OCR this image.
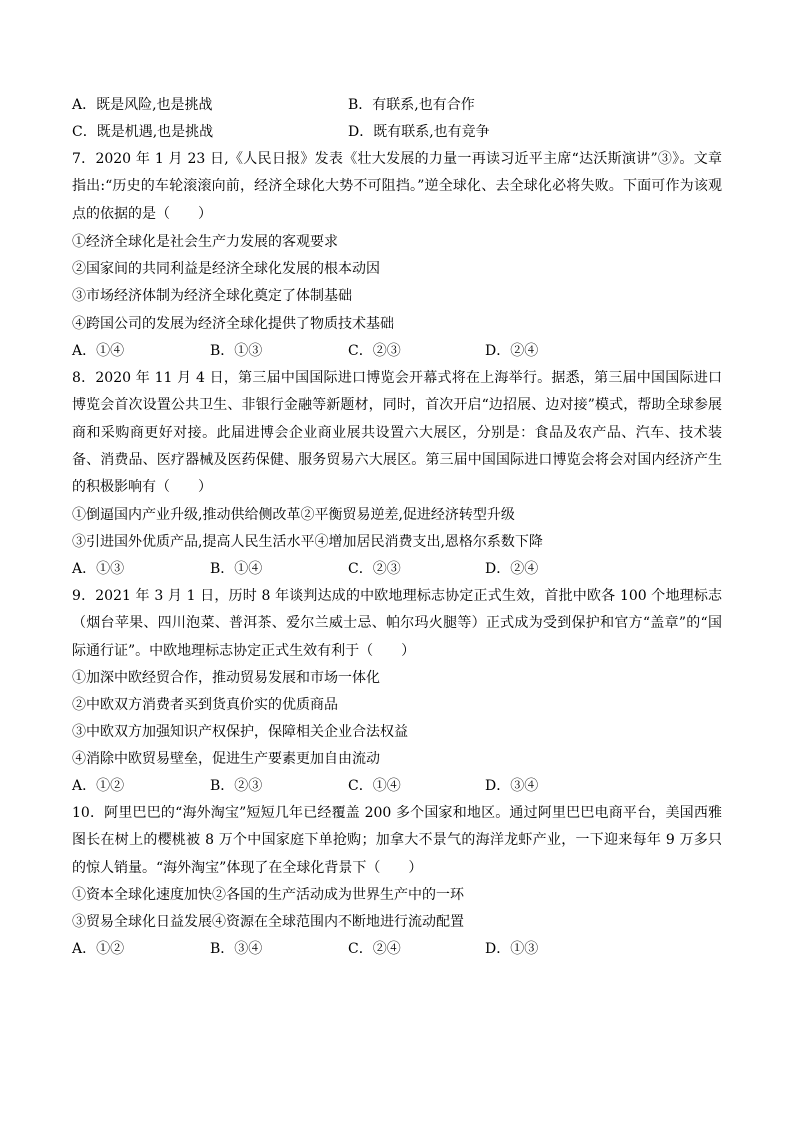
A．既是风险,也是挑战	B．有联系,也有合作
C．既是机遇,也是挑战	D．既有联系,也有竞争
7．2020 年 1 月 23 日,《人民日报》发表《壮大发展的力量一再读习近平主席“达沃斯演讲”③》。文章指出:“历史的车轮滚滚向前，经济全球化大势不可阻挡。”逆全球化、去全球化必将失败。下面可作为该观点的依据的是（　　）
①经济全球化是社会生产力发展的客观要求
②国家间的共同利益是经济全球化发展的根本动因
③市场经济体制为经济全球化奠定了体制基础
④跨国公司的发展为经济全球化提供了物质技术基础
A．①④	B．①③	C．②③	D．②④
8．2020 年 11 月 4 日，第三届中国国际进口博览会开幕式将在上海举行。据悉，第三届中国国际进口博览会首次设置公共卫生、非银行金融等新题材，同时，首次开启“边招展、边对接”模式，帮助全球参展商和采购商更好对接。此届进博会企业商业展共设置六大展区，分别是：食品及农产品、汽车、技术装备、消费品、医疗器械及医药保健、服务贸易六大展区。第三届中国国际进口博览会将会对国内经济产生的积极影响有（　　）
①倒逼国内产业升级,推动供给侧改革②平衡贸易逆差,促进经济转型升级
③引进国外优质产品,提高人民生活水平④增加居民消费支出,恩格尔系数下降
A．①③	B．①④	C．②③	D．②④
9．2021 年 3 月 1 日，历时 8 年谈判达成的中欧地理标志协定正式生效，首批中欧各 100 个地理标志（烟台苹果、四川泡菜、普洱茶、爱尔兰威士忌、帕尔玛火腿等）正式成为受到保护和官方“盖章”的“国际通行证”。中欧地理标志协定正式生效有利于（　　）
①加深中欧经贸合作，推动贸易发展和市场一体化
②中欧双方消费者买到货真价实的优质商品
③中欧双方加强知识产权保护，保障相关企业合法权益
④消除中欧贸易壁垒，促进生产要素更加自由流动
A．①②	B．②③	C．①④	D．③④
10．阿里巴巴的“海外淘宝”短短几年已经覆盖 200 多个国家和地区。通过阿里巴巴电商平台，美国西雅图长在树上的樱桃被 8 万个中国家庭下单抢购；加拿大不景气的海洋龙虾产业，一下迎来每年 9 万多只的惊人销量。“海外淘宝”体现了在全球化背景下（　　）
①资本全球化速度加快②各国的生产活动成为世界生产中的一环
③贸易全球化日益发展④资源在全球范围内不断地进行流动配置
A．①②	B．③④	C．②④	D．①③
